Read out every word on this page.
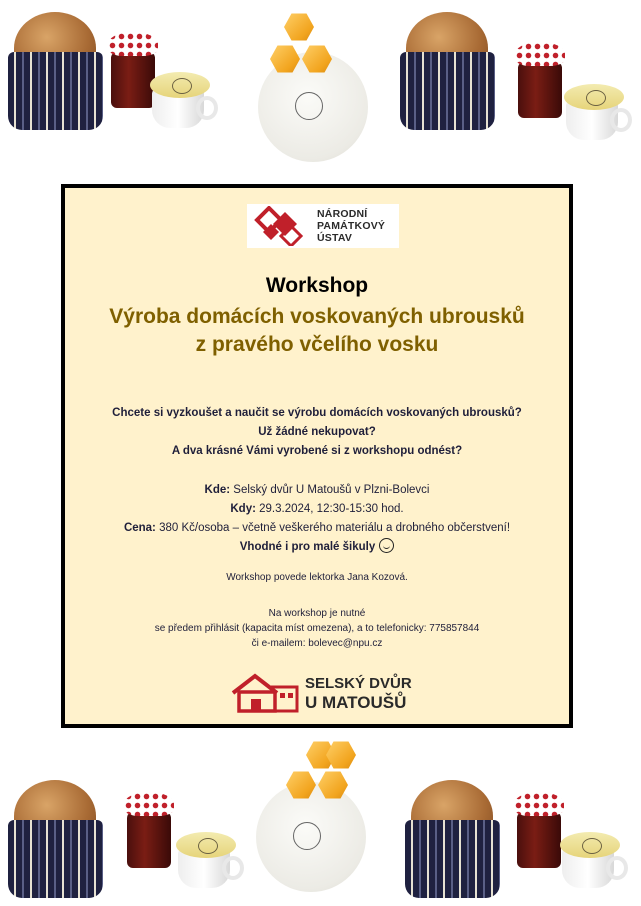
NÁRODNÍ
PAMÁTKOVÝ
ÚSTAV
Workshop
Výroba domácích voskovaných ubrousků
z pravého včelího vosku
Chcete si vyzkoušet a naučit se výrobu domácích voskovaných ubrousků?
Už žádné nekupovat?
A dva krásné Vámi vyrobené si z workshopu odnést?
Kde: Selský dvůr U Matoušů v Plzni-Bolevci
Kdy: 29.3.2024, 12:30-15:30 hod.
Cena: 380 Kč/osoba – včetně veškerého materiálu a drobného občerstvení!
Vhodné i pro malé šikuly
Workshop povede lektorka Jana Kozová.
Na workshop je nutné
se předem přihlásit (kapacita míst omezena), a to telefonicky: 775857844
či e-mailem: bolevec@npu.cz
SELSKÝ DVŮR
U MATOUŠŮ
